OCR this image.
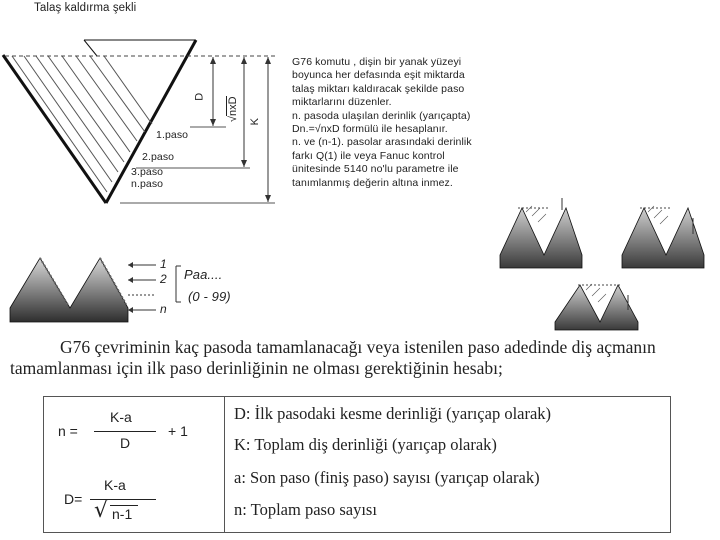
Talaş kaldırma şekli
D
√nxD
K
1.paso
2.paso
3.paso
n.paso
G76 komutu , dişin bir yanak yüzeyi
boyunca her defasında eşit miktarda
talaş miktarı kaldıracak şekilde paso
miktarlarını düzenler.
n. pasoda ulaşılan derinlik (yarıçapta)
Dn.=√nxD formülü ile hesaplanır.
n. ve (n-1). pasolar arasındaki derinlik
farkı Q(1) ile veya Fanuc kontrol
ünitesinde 5140 no'lu parametre ile
tanımlanmış değerin altına inmez.
1
2
n
Paa....
(0 - 99)
G76 çevriminin kaç pasoda tamamlanacağı veya istenilen paso adedinde diş açmanın
tamamlanması için ilk paso derinliğinin ne olması gerektiğinin hesabı;
n =
K-a
D
+ 1
D=
K-a
√ n-1
D: İlk pasodaki kesme derinliği (yarıçap olarak)
K: Toplam diş derinliği (yarıçap olarak)
a: Son paso (finiş paso) sayısı (yarıçap olarak)
n: Toplam paso sayısı
